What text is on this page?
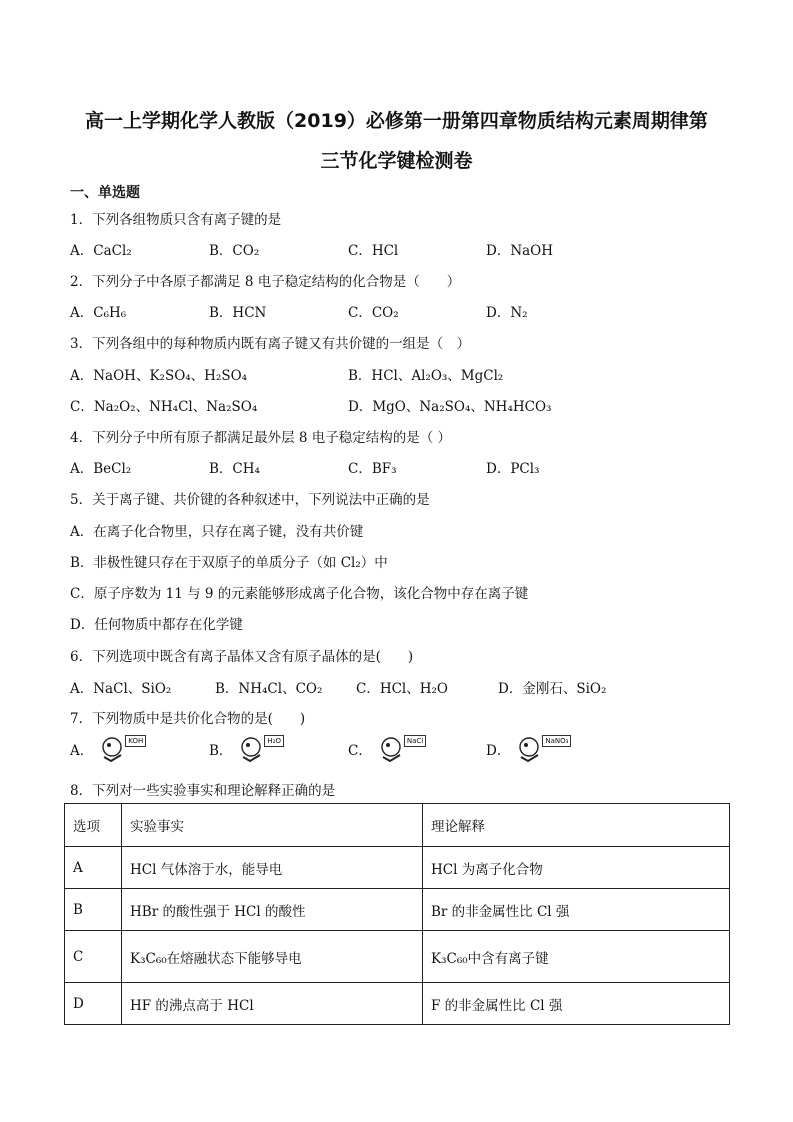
高一上学期化学人教版（2019）必修第一册第四章物质结构元素周期律第
三节化学键检测卷
一、单选题
1．下列各组物质只含有离子键的是
A．CaCl₂	B．CO₂	C．HCl	D．NaOH
2．下列分子中各原子都满足 8 电子稳定结构的化合物是（　　）
A．C₆H₆	B．HCN	C．CO₂	D．N₂
3．下列各组中的每种物质内既有离子键又有共价键的一组是（　）
A．NaOH、K₂SO₄、H₂SO₄	B．HCl、Al₂O₃、MgCl₂
C．Na₂O₂、NH₄Cl、Na₂SO₄	D．MgO、Na₂SO₄、NH₄HCO₃
4．下列分子中所有原子都满足最外层 8 电子稳定结构的是（ ）
A．BeCl₂	B．CH₄	C．BF₃	D．PCl₃
5．关于离子键、共价键的各种叙述中，下列说法中正确的是
A．在离子化合物里，只存在离子键，没有共价键
B．非极性键只存在于双原子的单质分子（如 Cl₂）中
C．原子序数为 11 与 9 的元素能够形成离子化合物，该化合物中存在离子键
D．任何物质中都存在化学键
6．下列选项中既含有离子晶体又含有原子晶体的是(　　)
A．NaCl、SiO₂	B．NH₄Cl、CO₂ C．HCl、H₂O	D．金刚石、SiO₂
7．下列物质中是共价化合物的是(　　)
A．
KOH
B．
H₂O
C．
NaCl
D．
NaNO₃
8．下列对一些实验事实和理论解释正确的是
选项	实验事实	理论解释
A	HCl 气体溶于水，能导电	HCl 为离子化合物
B	HBr 的酸性强于 HCl 的酸性	Br 的非金属性比 Cl 强
C	K₃C₆₀在熔融状态下能够导电	K₃C₆₀中含有离子键
D	HF 的沸点高于 HCl	F 的非金属性比 Cl 强
